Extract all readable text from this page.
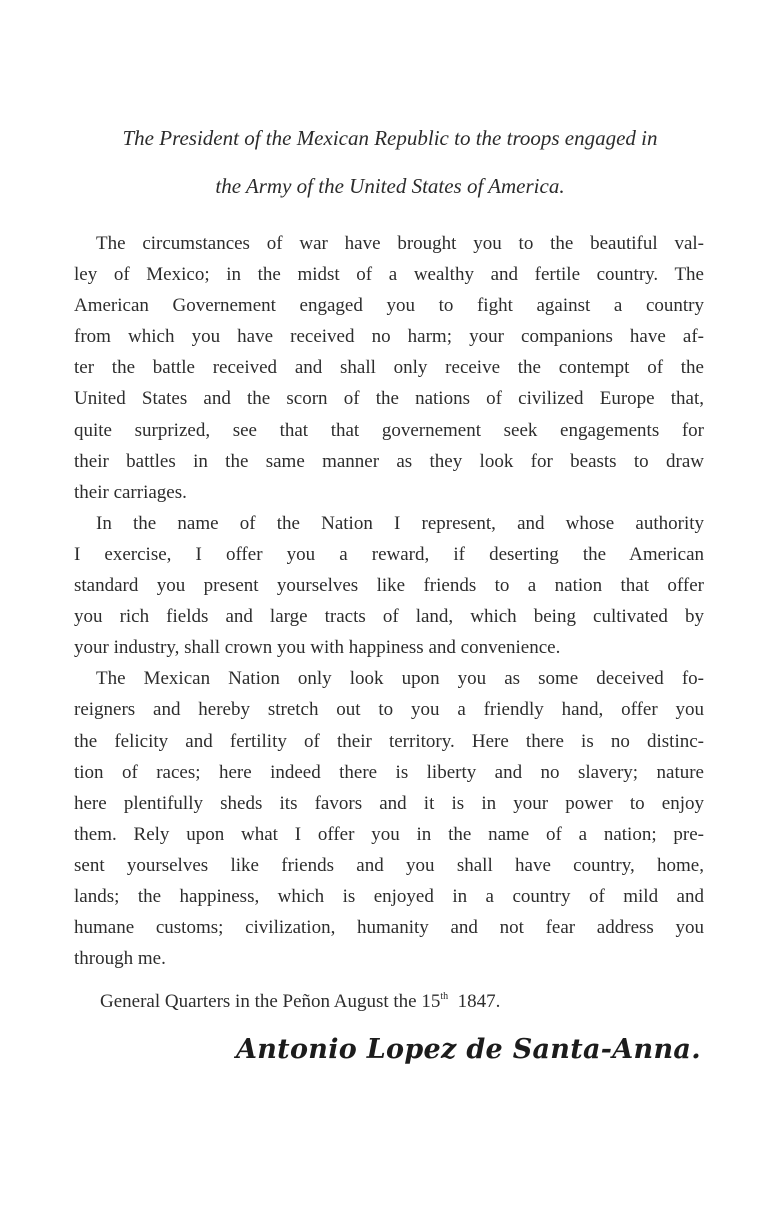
The President of the Mexican Republic to the troops engaged in
the Army of the United States of America.
The circumstances of war have brought you to the beautiful val-
ley of Mexico; in the midst of a wealthy and fertile country. The
American Governement engaged you to fight against a country
from which you have received no harm; your companions have af-
ter the battle received and shall only receive the contempt of the
United States and the scorn of the nations of civilized Europe that,
quite surprized, see that that governement seek engagements for
their battles in the same manner as they look for beasts to draw
their carriages.
In the name of the Nation I represent, and whose authority
I exercise, I offer you a reward, if deserting the American
standard you present yourselves like friends to a nation that offer
you rich fields and large tracts of land, which being cultivated by
your industry, shall crown you with happiness and convenience.
The Mexican Nation only look upon you as some deceived fo-
reigners and hereby stretch out to you a friendly hand, offer you
the felicity and fertility of their territory. Here there is no distinc-
tion of races; here indeed there is liberty and no slavery; nature
here plentifully sheds its favors and it is in your power to enjoy
them. Rely upon what I offer you in the name of a nation; pre-
sent yourselves like friends and you shall have country, home,
lands; the happiness, which is enjoyed in a country of mild and
humane customs; civilization, humanity and not fear address you
through me.
General Quarters in the Peñon August the 15th  1847.
Antonio Lopez de Santa-Anna.
